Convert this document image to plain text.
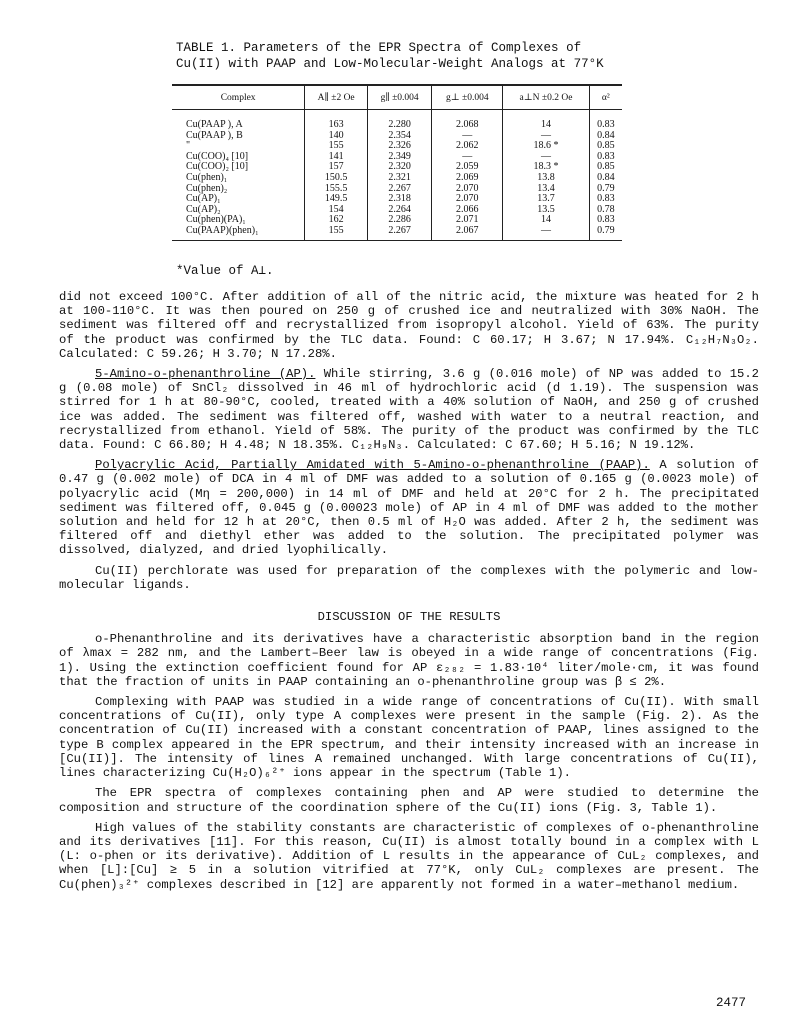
TABLE 1. Parameters of the EPR Spectra of Complexes of
Cu(II) with PAAP and Low-Molecular-Weight Analogs at 77°K
Complex	A∥ ±2 Oe	g∥ ±0.004	g⊥ ±0.004	a⊥N ±0.2 Oe	α²
Cu(PAAP ), A	163	2.280	2.068	14	0.83
Cu(PAAP ), B	140	2.354	—	—	0.84
"	155	2.326	2.062	18.6 *	0.85
Cu(COO)₄ [10]	141	2.349	—	—	0.83
Cu(COO)₂ [10]	157	2.320	2.059	18.3 *	0.85
Cu(phen)₁	150.5	2.321	2.069	13.8	0.84
Cu(phen)₂	155.5	2.267	2.070	13.4	0.79
Cu(AP)₁	149.5	2.318	2.070	13.7	0.83
Cu(AP)₂	154	2.264	2.066	13.5	0.78
Cu(phen)(PA)₁	162	2.286	2.071	14	0.83
Cu(PAAP)(phen)₁	155	2.267	2.067	—	0.79
*Value of A⊥.

did not exceed 100°C. After addition of all of the nitric acid, the mixture was heated for 2 h at 100-110°C. It was then poured on 250 g of crushed ice and neutralized with 30% NaOH. The sediment was filtered off and recrystallized from isopropyl alcohol. Yield of 63%. The purity of the product was confirmed by the TLC data. Found: C 60.17; H 3.67; N 17.94%. C₁₂H₇N₃O₂. Calculated: C 59.26; H 3.70; N 17.28%.

5-Amino-o-phenanthroline (AP). While stirring, 3.6 g (0.016 mole) of NP was added to 15.2 g (0.08 mole) of SnCl₂ dissolved in 46 ml of hydrochloric acid (d 1.19). The suspension was stirred for 1 h at 80-90°C, cooled, treated with a 40% solution of NaOH, and 250 g of crushed ice was added. The sediment was filtered off, washed with water to a neutral reaction, and recrystallized from ethanol. Yield of 58%. The purity of the product was confirmed by the TLC data. Found: C 66.80; H 4.48; N 18.35%. C₁₂H₉N₃. Calculated: C 67.60; H 5.16; N 19.12%.

Polyacrylic Acid, Partially Amidated with 5-Amino-o-phenanthroline (PAAP). A solution of 0.47 g (0.002 mole) of DCA in 4 ml of DMF was added to a solution of 0.165 g (0.0023 mole) of polyacrylic acid (Mη = 200,000) in 14 ml of DMF and held at 20°C for 2 h. The precipitated sediment was filtered off, 0.045 g (0.00023 mole) of AP in 4 ml of DMF was added to the mother solution and held for 12 h at 20°C, then 0.5 ml of H₂O was added. After 2 h, the sediment was filtered off and diethyl ether was added to the solution. The precipitated polymer was dissolved, dialyzed, and dried lyophilically.

Cu(II) perchlorate was used for preparation of the complexes with the polymeric and low-molecular ligands.

DISCUSSION OF THE RESULTS

o-Phenanthroline and its derivatives have a characteristic absorption band in the region of λmax = 282 nm, and the Lambert–Beer law is obeyed in a wide range of concentrations (Fig. 1). Using the extinction coefficient found for AP ε₂₈₂ = 1.83·10⁴ liter/mole·cm, it was found that the fraction of units in PAAP containing an o-phenanthroline group was β ≤ 2%.

Complexing with PAAP was studied in a wide range of concentrations of Cu(II). With small concentrations of Cu(II), only type A complexes were present in the sample (Fig. 2). As the concentration of Cu(II) increased with a constant concentration of PAAP, lines assigned to the type B complex appeared in the EPR spectrum, and their intensity increased with an increase in [Cu(II)]. The intensity of lines A remained unchanged. With large concentrations of Cu(II), lines characterizing Cu(H₂O)₆²⁺ ions appear in the spectrum (Table 1).

The EPR spectra of complexes containing phen and AP were studied to determine the composition and structure of the coordination sphere of the Cu(II) ions (Fig. 3, Table 1).

High values of the stability constants are characteristic of complexes of o-phenanthroline and its derivatives [11]. For this reason, Cu(II) is almost totally bound in a complex with L (L: o-phen or its derivative). Addition of L results in the appearance of CuL₂ complexes, and when [L]:[Cu] ≥ 5 in a solution vitrified at 77°K, only CuL₂ complexes are present. The Cu(phen)₃²⁺ complexes described in [12] are apparently not formed in a water–methanol medium.

2477
